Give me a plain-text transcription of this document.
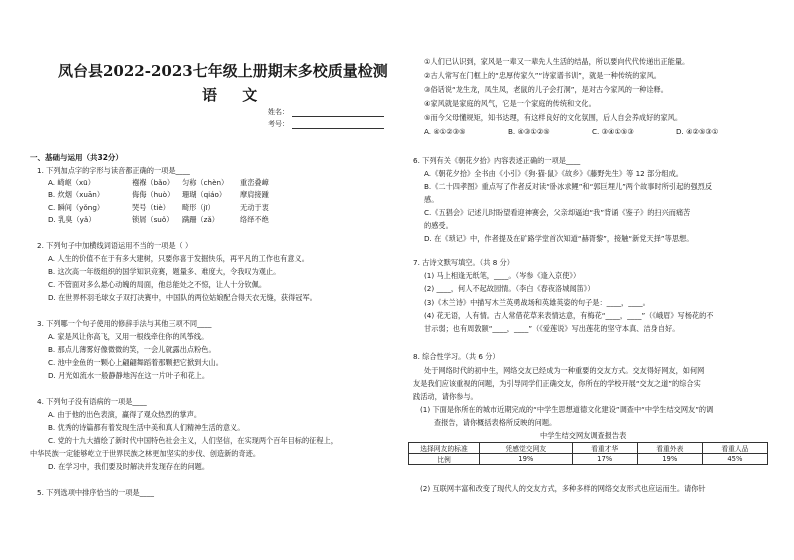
凤台县2022-2023七年级上册期末多校质量检测
语 文
姓名：
考号：
一、基础与运用（共32分）
1. 下列加点字的字形与读音都正确的一项是____
A. 崎岖（xū）	襁褓（bǎo） 匀称（chèn） 重峦叠嶂
B. 炊烟（xuān）	侮侮（huò） 珊瑚（qiáo） 摩肩接踵
C. 瞬间（yǒng）	哭号（tiè） 畸形（jī）	无动于衷
D. 乳臭（yǎ）	锁屑（suǒ） 蹒跚（zǎ）	络绎不绝
2. 下列句子中加横线词语运用不当的一项是（ ）
A. 人生的价值不在于有多大建树，只要你喜于发掘快乐，再平凡的工作也有意义。
B. 这次高一年级组织的国学知识竞赛，题量多、难度大，令我叹为观止。
C. 不管面对多么悬心动魄的局面，他总能处之不惊，让人十分钦佩。
D. 在世界杯羽毛球女子双打决赛中，中国队的两位姑娘配合得天衣无缝，获得冠军。
3. 下列哪一个句子使用的修辞手法与其他三项不同____
A. 家是风让你高飞，又用一根线牵住你的风筝线。
B. 那点儿薄雾好像微微的笑，一会儿就露出点粉色。
C. 池中金鱼的一颗心上翩翩舞蹈着那颗把它掀到大山。
D. 月光如流水一般静静地泻在这一片叶子和花上。
4. 下列句子没有语病的一项是____
A. 由于他的出色表演，赢得了观众热烈的掌声。
B. 优秀的诗篇都有着发现生活中美和真人们精神生活的意义。
C. 党的十九大描绘了新时代中国特色社会主义，人们坚信，在实现两个百年目标的征程上，
中华民族一定能够屹立于世界民族之林更加坚实的步伐、创造新的奇迹。
D. 在学习中，我们要及时解决并发现存在的问题。
5. 下列选项中排序恰当的一项是____
①人们已认识到，家风是一辈又一辈先人生活的结晶，所以要向代代传递出正能量。
②古人常写在门框上的“忠厚传家久”“诗家谱书训”，就是一种传统的家风。
③俗话说“龙生龙，凤生凤，老鼠的儿子会打洞”，是对古今家风的一种诠释。
④家风就是家庭的风气，它是一个家庭的传统和文化。
⑤而今父母懂规矩，知书达理，有这样良好的文化氛围，后人自会养成好的家风。
A. ④①②③⑤	B. ④③①②⑤	C. ③④①⑤③	D. ④②⑤③①
6. 下列有关《朝花夕拾》内容表述正确的一项是____
A.《朝花夕拾》全书由《小引》《狗·猫·鼠》《故乡》《藤野先生》等 12 部分组成。
B.《二十四孝图》重点写了作者反对读“卧冰求鲤”和“郭巨埋儿”两个故事时所引起的强烈反
感。
C.《五猖会》记述儿时盼望看迎神赛会，父亲却逼迫“我”背诵《鉴子》的扫兴而痛苦
的感受。
D. 在《琐记》中，作者提及在矿路学堂首次知道“赫胥黎”，接触“新党天择”等思想。
7. 古诗文默写填空。（共 8 分）
(1) 马上相逢无纸笔，____。（岑参《逢入京使》）
(2) ____，何人不起故园情。（李白《春夜洛城闻笛》）
(3)《木兰诗》中描写木兰英勇战场和英雄英姿的句子是：____，____。
(4) 花无语，人有情。古人常借花草来表情达意，有梅花“____，____”（《峨眉》写杨花的不
甘示弱；也有周敦颐“____，____”（《爱莲说》写出莲花的坚守本真、洁身自好。
8. 综合性学习。（共 6 分）
处于网络时代的初中生，网络交友已经成为一种重要的交友方式。交友得好网友，如何网
友是我们应该重视的问题，为引导同学们正确交友，你所在的学校开展“交友之道”的综合实
践活动，请你参与。
(1) 下面是你所在的城市近期完成的“中学生思想道德文化建设”调查中“中学生结交网友”的调
查报告，请你概括表格所反映的问题。
中学生结交网友调查报告表
选择网友的标准	凭感觉交网友	看重才华	看重外表	看重人品
比例	19%	17%	19%	45%
(2) 互联网丰富和改变了现代人的交友方式，多种多样的网络交友形式也应运而生。请你针
